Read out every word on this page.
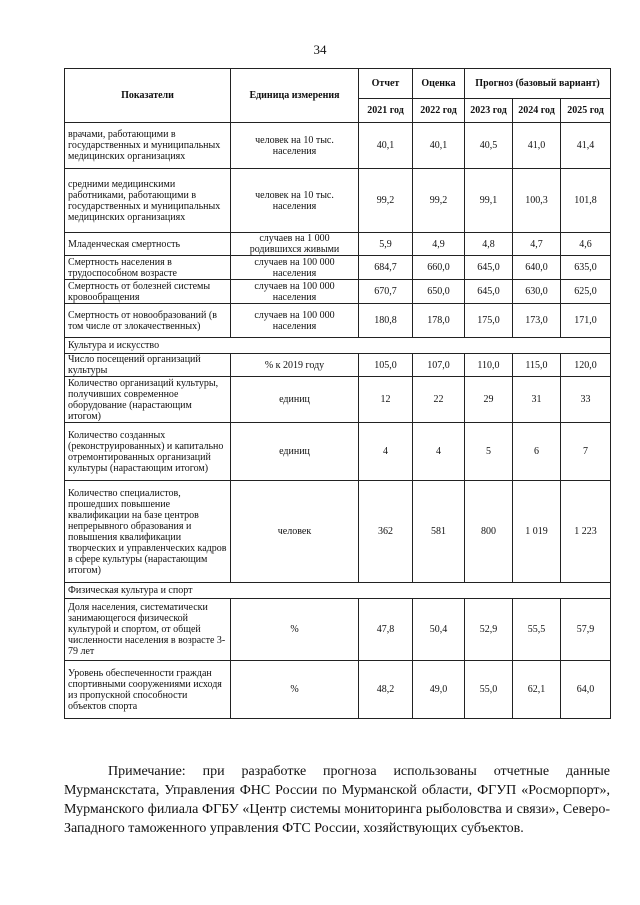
34
Показатели	Единица измерения	Отчет	Оценка	Прогноз (базовый вариант)		
		2021 год	2022 год	2023 год	2024 год	2025 год
врачами, работающими в государственных и муниципальных медицинских организациях	человек на 10 тыс. населения	40,1	40,1	40,5	41,0	41,4
средними медицинскими работниками, работающими в государственных и муниципальных медицинских организациях	человек на 10 тыс. населения	99,2	99,2	99,1	100,3	101,8
Младенческая смертность	случаев на 1 000 родившихся живыми	5,9	4,9	4,8	4,7	4,6
Смертность населения в трудоспособном возрасте	случаев на 100 000 населения	684,7	660,0	645,0	640,0	635,0
Смертность от болезней системы кровообращения	случаев на 100 000 населения	670,7	650,0	645,0	630,0	625,0
Смертность от новообразований (в том числе от злокачественных)	случаев на 100 000 населения	180,8	178,0	175,0	173,0	171,0
Культура и искусство						
Число посещений организаций культуры	% к 2019 году	105,0	107,0	110,0	115,0	120,0
Количество организаций культуры, получивших современное оборудование (нарастающим итогом)	единиц	12	22	29	31	33
Количество созданных (реконструированных) и капитально отремонтированных организаций культуры (нарастающим итогом)	единиц	4	4	5	6	7
Количество специалистов, прошедших повышение квалификации на базе центров непрерывного образования и повышения квалификации творческих и управленческих кадров в сфере культуры (нарастающим итогом)	человек	362	581	800	1 019	1 223
Физическая культура и спорт						
Доля населения, систематически занимающегося физической культурой и спортом, от общей численности населения в возрасте 3-79 лет	%	47,8	50,4	52,9	55,5	57,9
Уровень обеспеченности граждан спортивными сооружениями исходя из пропускной способности объектов спорта	%	48,2	49,0	55,0	62,1	64,0
Примечание: при разработке прогноза использованы отчетные данные Мурманскстата, Управления ФНС России по Мурманской области, ФГУП «Росморпорт», Мурманского филиала ФГБУ «Центр системы мониторинга рыболовства и связи», Северо-Западного таможенного управления ФТС России, хозяйствующих субъектов.
